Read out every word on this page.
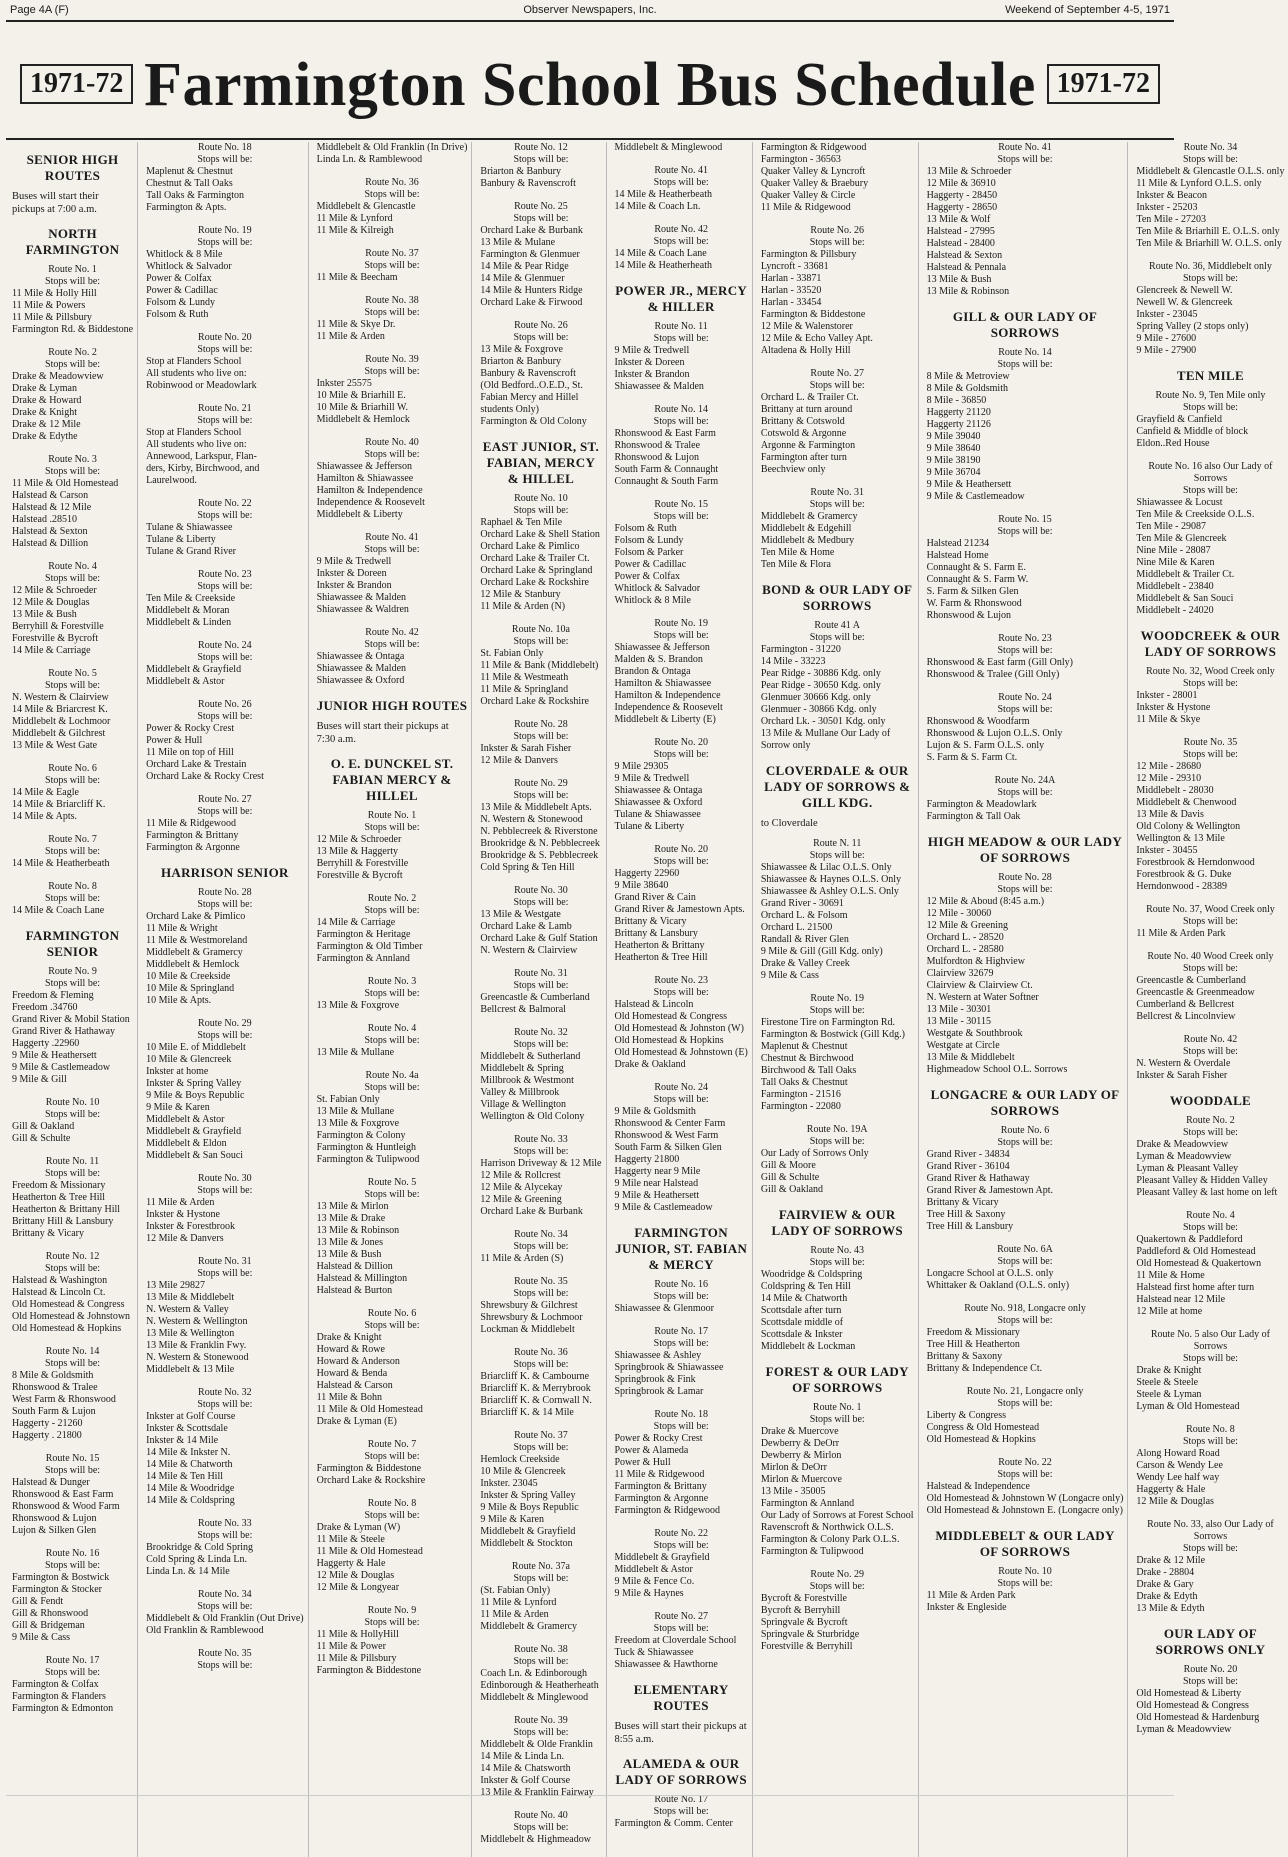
Page 4A (F)	Observer Newspapers, Inc.	Weekend of September 4-5, 1971
1971-72 Farmington School Bus Schedule 1971-72
SENIOR HIGH ROUTES
Buses will start their pickups at 7:00 a.m.
NORTH FARMINGTON
Route No. 1
Stops will be:
11 Mile & Holly Hill
11 Mile & Powers
11 Mile & Pillsbury
Farmington Rd. & Biddestone
Route No. 2
Stops will be:
Drake & Meadowview
Drake & Lyman
Drake & Howard
Drake & Knight
Drake & 12 Mile
Drake & Edythe
Route No. 3
Stops will be:
11 Mile & Old Homestead
Halstead & Carson
Halstead & 12 Mile
Halstead .28510
Halstead & Sexton
Halstead & Dillion
Route No. 4
Stops will be:
12 Mile & Schroeder
12 Mile & Douglas
13 Mile & Bush
Berryhill & Forestville
Forestville & Bycroft
14 Mile & Carriage
Route No. 5
Stops will be:
N. Western & Clairview
14 Mile & Briarcrest K.
Middlebelt & Lochmoor
Middlebelt & Gilchrest
13 Mile & West Gate
Route No. 6
Stops will be:
14 Mile & Eagle
14 Mile & Briarcliff K.
14 Mile & Apts.
Route No. 7
Stops will be:
14 Mile & Heatherbeath
Route No. 8
Stops will be:
14 Mile & Coach Lane
FARMINGTON SENIOR
Route No. 9
Stops will be:
Freedom & Fleming
Freedom .34760
Grand River & Mobil Station
Grand River & Hathaway
Haggerty .22960
9 Mile & Heathersett
9 Mile & Castlemeadow
9 Mile & Gill
Route No. 10
Stops will be:
Gill & Oakland
Gill & Schulte
Route No. 11
Stops will be:
Freedom & Missionary
Heatherton & Tree Hill
Heatherton & Brittany Hill
Brittany Hill & Lansbury
Brittany & Vicary
Route No. 12
Stops will be:
Halstead & Washington
Halstead & Lincoln Ct.
Old Homestead & Congress
Old Homestead & Johnstown
Old Homestead & Hopkins
Route No. 14
Stops will be:
8 Mile & Goldsmith
Rhonswood & Tralee
West Farm & Rhonswood
South Farm & Lujon
Haggerty - 21260
Haggerty . 21800
Route No. 15
Stops will be:
Halstead & Dunger
Rhonswood & East Farm
Rhonswood & Wood Farm
Rhonswood & Lujon
Lujon & Silken Glen
Route No. 16
Stops will be:
Farmington & Bostwick
Farmington & Stocker
Gill & Fendt
Gill & Rhonswood
Gill & Bridgeman
9 Mile & Cass
Route No. 17
Stops will be:
Farmington & Colfax
Farmington & Flanders
Farmington & Edmonton
Route No. 18
Stops will be:
Maplenut & Chestnut
Chestnut & Tall Oaks
Tall Oaks & Farmington
Farmington & Apts.
Route No. 19
Stops will be:
Whitlock & 8 Mile
Whitlock & Salvador
Power & Colfax
Power & Cadillac
Folsom & Lundy
Folsom & Ruth
Route No. 20
Stops will be:
Stop at Flanders School
All students who live on:
Robinwood or Meadowlark
Route No. 21
Stops will be:
Stop at Flanders School
All students who live on:
Annewood, Larkspur, Flan-
ders, Kirby, Birchwood, and
Laurelwood.
Route No. 22
Stops will be:
Tulane & Shiawassee
Tulane & Liberty
Tulane & Grand River
Route No. 23
Stops will be:
Ten Mile & Creekside
Middlebelt & Moran
Middlebelt & Linden
Route No. 24
Stops will be:
Middlebelt & Grayfield
Middlebelt & Astor
Route No. 26
Stops will be:
Power & Rocky Crest
Power & Hull
11 Mile on top of Hill
Orchard Lake & Trestain
Orchard Lake & Rocky Crest
Route No. 27
Stops will be:
11 Mile & Ridgewood
Farmington & Brittany
Farmington & Argonne
HARRISON SENIOR
Route No. 28
Stops will be:
Orchard Lake & Pimlico
11 Mile & Wright
11 Mile & Westmoreland
Middlebelt & Gramercy
Middlebelt & Hemlock
10 Mile & Creekside
10 Mile & Springland
10 Mile & Apts.
Route No. 29
Stops will be:
10 Mile E. of Middlebelt
10 Mile & Glencreek
Inkster at home
Inkster & Spring Valley
9 Mile & Boys Republic
9 Mile & Karen
Middlebelt & Astor
Middlebelt & Grayfield
Middlebelt & Eldon
Middlebelt & San Souci
Route No. 30
Stops will be:
11 Mile & Arden
Inkster & Hystone
Inkster & Forestbrook
12 Mile & Danvers
Route No. 31
Stops will be:
13 Mile 29827
13 Mile & Middlebelt
N. Western & Valley
N. Western & Wellington
13 Mile & Wellington
13 Mile & Franklin Fwy.
N. Western & Stonewood
Middlebelt & 13 Mile
Route No. 32
Stops will be:
Inkster at Golf Course
Inkster & Scottsdale
Inkster & 14 Mile
14 Mile & Inkster N.
14 Mile & Chatworth
14 Mile & Ten Hill
14 Mile & Woodridge
14 Mile & Coldspring
Route No. 33
Stops will be:
Brookridge & Cold Spring
Cold Spring & Linda Ln.
Linda Ln. & 14 Mile
Route No. 34
Stops will be:
Middlebelt & Old Franklin (Out Drive)
Old Franklin & Ramblewood
Route No. 35
Stops will be:
Middlebelt & Old Franklin (In Drive)
Linda Ln. & Ramblewood
Route No. 36
Stops will be:
Middlebelt & Glencastle
11 Mile & Lynford
11 Mile & Kilreigh
Route No. 37
Stops will be:
11 Mile & Beecham
Route No. 38
Stops will be:
11 Mile & Skye Dr.
11 Mile & Arden
Route No. 39
Stops will be:
Inkster 25575
10 Mile & Briarhill E.
10 Mile & Briarhill W.
Middlebelt & Hemlock
Route No. 40
Stops will be:
Shiawassee & Jefferson
Hamilton & Shiawassee
Hamilton & Independence
Independence & Roosevelt
Middlebelt & Liberty
Route No. 41
Stops will be:
9 Mile & Tredwell
Inkster & Doreen
Inkster & Brandon
Shiawassee & Malden
Shiawassee & Waldren
Route No. 42
Stops will be:
Shiawassee & Ontaga
Shiawassee & Malden
Shiawassee & Oxford
JUNIOR HIGH ROUTES
Buses will start their pickups at 7:30 a.m.
O. E. DUNCKEL ST. FABIAN MERCY & HILLEL
Route No. 1
Stops will be:
12 Mile & Schroeder
13 Mile & Haggerty
Berryhill & Forestville
Forestville & Bycroft
Route No. 2
Stops will be:
14 Mile & Carriage
Farmington & Heritage
Farmington & Old Timber
Farmington & Annland
Route No. 3
Stops will be:
13 Mile & Foxgrove
Route No. 4
Stops will be:
13 Mile & Mullane
Route No. 4a
Stops will be:
St. Fabian Only
13 Mile & Mullane
13 Mile & Foxgrove
Farmington & Colony
Farmington & Huntleigh
Farmington & Tulipwood
Route No. 5
Stops will be:
13 Mile & Mirlon
13 Mile & Drake
13 Mile & Robinson
13 Mile & Jones
13 Mile & Bush
Halstead & Dillion
Halstead & Millington
Halstead & Burton
Route No. 6
Stops will be:
Drake & Knight
Howard & Rowe
Howard & Anderson
Howard & Benda
Halstead & Carson
11 Mile & Bohn
11 Mile & Old Homestead
Drake & Lyman (E)
Route No. 7
Stops will be:
Farmington & Biddestone
Orchard Lake & Rockshire
Route No. 8
Stops will be:
Drake & Lyman (W)
11 Mile & Steele
11 Mile & Old Homestead
Haggerty & Hale
12 Mile & Douglas
12 Mile & Longyear
Route No. 9
Stops will be:
11 Mile & HollyHill
11 Mile & Power
11 Mile & Pillsbury
Farmington & Biddestone
Route No. 12
Stops will be:
Briarton & Banbury
Banbury & Ravenscroft
Route No. 25
Stops will be:
Orchard Lake & Burbank
13 Mile & Mulane
Farmington & Glenmuer
14 Mile & Pear Ridge
14 Mile & Glenmuer
14 Mile & Hunters Ridge
Orchard Lake & Firwood
Route No. 26
Stops will be:
13 Mile & Foxgrove
Briarton & Banbury
Banbury & Ravenscroft
(Old Bedford..O.E.D., St.
Fabian Mercy and Hillel
students Only)
Farmington & Old Colony
EAST JUNIOR, ST. FABIAN, MERCY & HILLEL
Route No. 10
Stops will be:
Raphael & Ten Mile
Orchard Lake & Shell Station
Orchard Lake & Pimlico
Orchard Lake & Trailer Ct.
Orchard Lake & Springland
Orchard Lake & Rockshire
12 Mile & Stanbury
11 Mile & Arden (N)
Route No. 10a
Stops will be:
St. Fabian Only
11 Mile & Bank (Middlebelt)
11 Mile & Westmeath
11 Mile & Springland
Orchard Lake & Rockshire
Route No. 28
Stops will be:
Inkster & Sarah Fisher
12 Mile & Danvers
Route No. 29
Stops will be:
13 Mile & Middlebelt Apts.
N. Western & Stonewood
N. Pebblecreek & Riverstone
Brookridge & N. Pebblecreek
Brookridge & S. Pebblecreek
Cold Spring & Ten Hill
Route No. 30
Stops will be:
13 Mile & Westgate
Orchard Lake & Lamb
Orchard Lake & Gulf Station
N. Western & Clairview
Route No. 31
Stops will be:
Greencastle & Cumberland
Bellcrest & Balmoral
Route No. 32
Stops will be:
Middlebelt & Sutherland
Middlebelt & Spring
Millbrook & Westmont
Valley & Millbrook
Village & Wellington
Wellington & Old Colony
Route No. 33
Stops will be:
Harrison Driveway & 12 Mile
12 Mile & Rollcrest
12 Mile & Alycekay
12 Mile & Greening
Orchard Lake & Burbank
Route No. 34
Stops will be:
11 Mile & Arden (S)
Route No. 35
Stops will be:
Shrewsbury & Gilchrest
Shrewsbury & Lochmoor
Lockman & Middlebelt
Route No. 36
Stops will be:
Briarcliff K. & Cambourne
Briarcliff K. & Merrybrook
Briarcliff K. & Cornwall N.
Briarcliff K. & 14 Mile
Route No. 37
Stops will be:
Hemlock Creekside
10 Mile & Glencreek
Inkster. 23045
Inkster & Spring Valley
9 Mile & Boys Republic
9 Mile & Karen
Middlebelt & Grayfield
Middlebelt & Stockton
Route No. 37a
Stops will be:
(St. Fabian Only)
11 Mile & Lynford
11 Mile & Arden
Middlebelt & Gramercy
Route No. 38
Stops will be:
Coach Ln. & Edinborough
Edinborough & Heatherheath
Middlebelt & Minglewood
Route No. 39
Stops will be:
Middlebelt & Olde Franklin
14 Mile & Linda Ln.
14 Mile & Chatsworth
Inkster & Golf Course
13 Mile & Franklin Fairway
Route No. 40
Stops will be:
Middlebelt & Highmeadow
Middlebelt & Minglewood
Route No. 41
Stops will be:
14 Mile & Heatherbeath
14 Mile & Coach Ln.
Route No. 42
Stops will be:
14 Mile & Coach Lane
14 Mile & Heatherheath
POWER JR., MERCY & HILLER
Route No. 11
Stops will be:
9 Mile & Tredwell
Inkster & Doreen
Inkster & Brandon
Shiawassee & Malden
Route No. 14
Stops will be:
Rhonswood & East Farm
Rhonswood & Tralee
Rhonswood & Lujon
South Farm & Connaught
Connaught & South Farm
Route No. 15
Stops will be:
Folsom & Ruth
Folsom & Lundy
Folsom & Parker
Power & Cadillac
Power & Colfax
Whitlock & Salvador
Whitlock & 8 Mile
Route No. 19
Stops will be:
Shiawassee & Jefferson
Malden & S. Brandon
Brandon & Ontaga
Hamilton & Shiawassee
Hamilton & Independence
Independence & Roosevelt
Middlebelt & Liberty (E)
Route No. 20
Stops will be:
9 Mile 29305
9 Mile & Tredwell
Shiawassee & Ontaga
Shiawassee & Oxford
Tulane & Shiawassee
Tulane & Liberty
Route No. 20
Stops will be:
Haggerty 22960
9 Mile 38640
Grand River & Cain
Grand River & Jamestown Apts.
Brittany & Vicary
Brittany & Lansbury
Heatherton & Brittany
Heatherton & Tree Hill
Route No. 23
Stops will be:
Halstead & Lincoln
Old Homestead & Congress
Old Homestead & Johnston (W)
Old Homestead & Hopkins
Old Homestead & Johnstown (E)
Drake & Oakland
Route No. 24
Stops will be:
9 Mile & Goldsmith
Rhonswood & Center Farm
Rhonswood & West Farm
South Farm & Silken Glen
Haggerty 21800
Haggerty near 9 Mile
9 Mile near Halstead
9 Mile & Heathersett
9 Mile & Castlemeadow
FARMINGTON JUNIOR, ST. FABIAN & MERCY
Route No. 16
Stops will be:
Shiawassee & Glenmoor
Route No. 17
Stops will be:
Shiawassee & Ashley
Springbrook & Shiawassee
Springbrook & Fink
Springbrook & Lamar
Route No. 18
Stops will be:
Power & Rocky Crest
Power & Alameda
Power & Hull
11 Mile & Ridgewood
Farmington & Brittany
Farmington & Argonne
Farmington & Ridgewood
Route No. 22
Stops will be:
Middlebelt & Grayfield
Middlebelt & Astor
9 Mile & Fence Co.
9 Mile & Haynes
Route No. 27
Stops will be:
Freedom at Cloverdale School
Tuck & Shiawassee
Shiawassee & Hawthorne
ELEMENTARY ROUTES
Buses will start their pickups at 8:55 a.m.
ALAMEDA & OUR LADY OF SORROWS
Route No. 17
Stops will be:
Farmington & Comm. Center
Farmington & Ridgewood
Farmington - 36563
Quaker Valley & Lyncroft
Quaker Valley & Braebury
Quaker Valley & Circle
11 Mile & Ridgewood
Route No. 26
Stops will be:
Farmington & Pillsbury
Lyncroft - 33681
Harlan - 33871
Harlan - 33520
Harlan - 33454
Farmington & Biddestone
12 Mile & Walenstorer
12 Mile & Echo Valley Apt.
Altadena & Holly Hill
Route No. 27
Stops will be:
Orchard L. & Trailer Ct.
Brittany at turn around
Brittany & Cotswold
Cotswold & Argonne
Argonne & Farmington
Farmington after turn
Beechview only
Route No. 31
Stops will be:
Middlebelt & Gramercy
Middlebelt & Edgehill
Middlebelt & Medbury
Ten Mile & Home
Ten Mile & Flora
BOND & OUR LADY OF SORROWS
Route 41 A
Stops will be:
Farmington - 31220
14 Mile - 33223
Pear Ridge - 30886 Kdg. only
Pear Ridge - 30650 Kdg. only
Glenmuer 30666 Kdg. only
Glenmuer - 30866 Kdg. only
Orchard Lk. - 30501 Kdg. only
13 Mile & Mullane Our Lady of
Sorrow only
CLOVERDALE & OUR LADY OF SORROWS & GILL KDG.
to Cloverdale
Route N. 11
Stops will be:
Shiawassee & Lilac O.L.S. Only
Shiawassee & Haynes O.L.S. Only
Shiawassee & Ashley O.L.S. Only
Grand River - 30691
Orchard L. & Folsom
Orchard L. 21500
Randall & River Glen
9 Mile & Gill (Gill Kdg. only)
Drake & Valley Creek
9 Mile & Cass
Route No. 19
Stops will be:
Firestone Tire on Farmington Rd.
Farmington & Bostwick (Gill Kdg.)
Maplenut & Chestnut
Chestnut & Birchwood
Birchwood & Tall Oaks
Tall Oaks & Chestnut
Farmington - 21516
Farmington - 22080
Route No. 19A
Stops will be:
Our Lady of Sorrows Only
Gill & Moore
Gill & Schulte
Gill & Oakland
FAIRVIEW & OUR LADY OF SORROWS
Route No. 43
Stops will be:
Woodridge & Coldspring
Coldspring & Ten Hill
14 Mile & Chatworth
Scottsdale after turn
Scottsdale middle of
Scottsdale & Inkster
Middlebelt & Lockman
FOREST & OUR LADY OF SORROWS
Route No. 1
Stops will be:
Drake & Muercove
Dewberry & DeOrr
Dewberry & Mirlon
Mirlon & DeOrr
Mirlon & Muercove
13 Mile - 35005
Farmington & Annland
Our Lady of Sorrows at Forest School
Ravenscroft & Northwick O.L.S.
Farmington & Colony Park O.L.S.
Farmington & Tulipwood
Route No. 29
Stops will be:
Bycroft & Forestville
Bycroft & Berryhill
Springvale & Bycroft
Springvale & Sturbridge
Forestville & Berryhill
Route No. 41
Stops will be:
13 Mile & Schroeder
12 Mile & 36910
Haggerty - 28450
Haggerty - 28650
13 Mile & Wolf
Halstead - 27995
Halstead - 28400
Halstead & Sexton
Halstead & Pennala
13 Mile & Bush
13 Mile & Robinson
GILL & OUR LADY OF SORROWS
Route No. 14
Stops will be:
8 Mile & Metroview
8 Mile & Goldsmith
8 Mile - 36850
Haggerty 21120
Haggerty 21126
9 Mile 39040
9 Mile 38640
9 Mile 38190
9 Mile 36704
9 Mile & Heathersett
9 Mile & Castlemeadow
Route No. 15
Stops will be:
Halstead 21234
Halstead Home
Connaught & S. Farm E.
Connaught & S. Farm W.
S. Farm & Silken Glen
W. Farm & Rhonswood
Rhonswood & Lujon
Route No. 23
Stops will be:
Rhonswood & East farm (Gill Only)
Rhonswood & Tralee (Gill Only)
Route No. 24
Stops will be:
Rhonswood & Woodfarm
Rhonswood & Lujon O.L.S. Only
Lujon & S. Farm O.L.S. only
S. Farm & S. Farm Ct.
Route No. 24A
Stops will be:
Farmington & Meadowlark
Farmington & Tall Oak
HIGH MEADOW & OUR LADY OF SORROWS
Route No. 28
Stops will be:
12 Mile & Aboud (8:45 a.m.)
12 Mile - 30060
12 Mile & Greening
Orchard L. - 28520
Orchard L. - 28580
Mulfordton & Highview
Clairview 32679
Clairview & Clairview Ct.
N. Western at Water Softner
13 Mile - 30301
13 Mile - 30115
Westgate & Southbrook
Westgate at Circle
13 Mile & Middlebelt
Highmeadow School O.L. Sorrows
LONGACRE & OUR LADY OF SORROWS
Route No. 6
Stops will be:
Grand River - 34834
Grand River - 36104
Grand River & Hathaway
Grand River & Jamestown Apt.
Brittany & Vicary
Tree Hill & Saxony
Tree Hill & Lansbury
Route No. 6A
Stops will be:
Longacre School at O.L.S. only
Whittaker & Oakland (O.L.S. only)
Route No. 918, Longacre only
Stops will be:
Freedom & Missionary
Tree Hill & Heatherton
Brittany & Saxony
Brittany & Independence Ct.
Route No. 21, Longacre only
Stops will be:
Liberty & Congress
Congress & Old Homestead
Old Homestead & Hopkins
Route No. 22
Stops will be:
Halstead & Independence
Old Homestead & Johnstown W (Longacre only)
Old Homestead & Johnstown E. (Longacre only)
MIDDLEBELT & OUR LADY OF SORROWS
Route No. 10
Stops will be:
11 Mile & Arden Park
Inkster & Engleside
Route No. 34
Stops will be:
Middlebelt & Glencastle O.L.S. only
11 Mile & Lynford O.L.S. only
Inkster & Beacon
Inkster - 25203
Ten Mile - 27203
Ten Mile & Briarhill E. O.L.S. only
Ten Mile & Briarhill W. O.L.S. only
Route No. 36, Middlebelt only
Stops will be:
Glencreek & Newell W.
Newell W. & Glencreek
Inkster - 23045
Spring Valley (2 stops only)
9 Mile - 27600
9 Mile - 27900
TEN MILE
Route No. 9, Ten Mile only
Stops will be:
Grayfield & Canfield
Canfield & Middle of block
Eldon..Red House
Route No. 16 also Our Lady of Sorrows
Stops will be:
Shiawassee & Locust
Ten Mile & Creekside O.L.S.
Ten Mile - 29087
Ten Mile & Glencreek
Nine Mile - 28087
Nine Mile & Karen
Middlebelt & Trailer Ct.
Middlebelt - 23840
Middlebelt & San Souci
Middlebelt - 24020
WOODCREEK & OUR LADY OF SORROWS
Route No. 32, Wood Creek only
Stops will be:
Inkster - 28001
Inkster & Hystone
11 Mile & Skye
Route No. 35
Stops will be:
12 Mile - 28680
12 Mile - 29310
Middlebelt - 28030
Middlebelt & Chenwood
13 Mile & Davis
Old Colony & Wellington
Wellington & 13 Mile
Inkster - 30455
Forestbrook & Herndonwood
Forestbrook & G. Duke
Herndonwood - 28389
Route No. 37, Wood Creek only
Stops will be:
11 Mile & Arden Park
Route No. 40 Wood Creek only
Stops will be:
Greencastle & Cumberland
Greencastle & Greenmeadow
Cumberland & Bellcrest
Bellcrest & Lincolnview
Route No. 42
Stops will be:
N. Western & Overdale
Inkster & Sarah Fisher
WOODDALE
Route No. 2
Stops will be:
Drake & Meadowview
Lyman & Meadowview
Lyman & Pleasant Valley
Pleasant Valley & Hidden Valley
Pleasant Valley & last home on left
Route No. 4
Stops will be:
Quakertown & Paddleford
Paddleford & Old Homestead
Old Homestead & Quakertown
11 Mile & Home
Halstead first home after turn
Halstead near 12 Mile
12 Mile at home
Route No. 5 also Our Lady of Sorrows
Stops will be:
Drake & Knight
Steele & Steele
Steele & Lyman
Lyman & Old Homestead
Route No. 8
Stops will be:
Along Howard Road
Carson & Wendy Lee
Wendy Lee half way
Haggerty & Hale
12 Mile & Douglas
Route No. 33, also Our Lady of Sorrows
Stops will be:
Drake & 12 Mile
Drake - 28804
Drake & Gary
Drake & Edyth
13 Mile & Edyth
OUR LADY OF SORROWS ONLY
Route No. 20
Stops will be:
Old Homestead & Liberty
Old Homestead & Congress
Old Homestead & Hardenburg
Lyman & Meadowview
